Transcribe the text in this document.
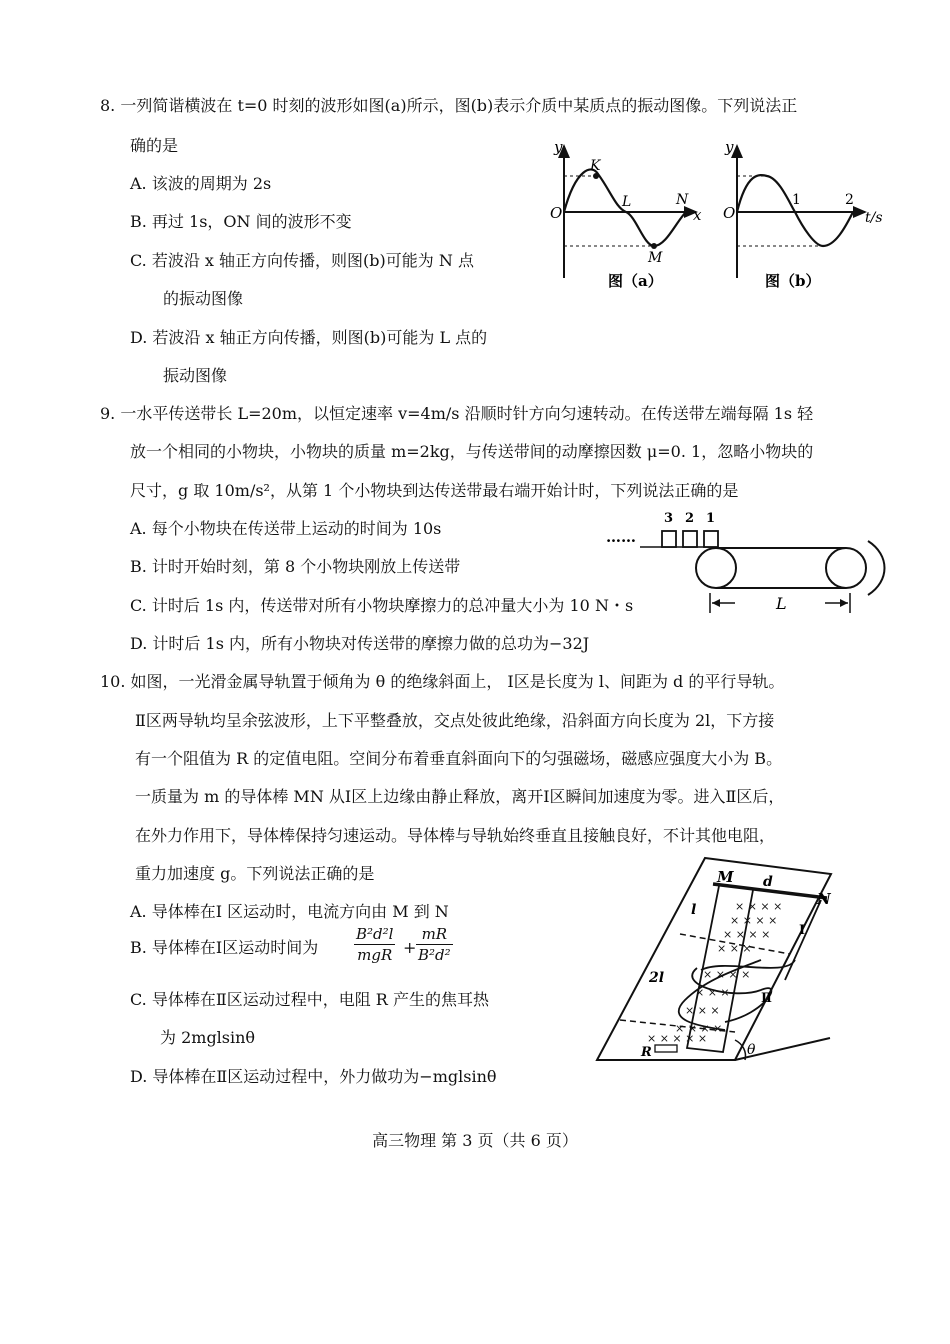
8. 一列简谐横波在 t=0 时刻的波形如图(a)所示，图(b)表示介质中某质点的振动图像。下列说法正
确的是
A. 该波的周期为 2s
B. 再过 1s，ON 间的波形不变
C. 若波沿 x 轴正方向传播，则图(b)可能为 N 点
的振动图像
D. 若波沿 x 轴正方向传播，则图(b)可能为 L 点的
振动图像
y
O	x
K
L	N
M
图（a）
y
O
1	2
t/s
图（b）
9. 一水平传送带长 L=20m，以恒定速率 v=4m/s 沿顺时针方向匀速转动。在传送带左端每隔 1s 轻
放一个相同的小物块，小物块的质量 m=2kg，与传送带间的动摩擦因数 μ=0. 1，忽略小物块的
尺寸，g 取 10m/s²，从第 1 个小物块到达传送带最右端开始计时，下列说法正确的是
A. 每个小物块在传送带上运动的时间为 10s
B. 计时开始时刻，第 8 个小物块刚放上传送带
C. 计时后 1s 内，传送带对所有小物块摩擦力的总冲量大小为 10 N・s
D. 计时后 1s 内，所有小物块对传送带的摩擦力做的总功为−32J
……
3 2 1
L
10. 如图，一光滑金属导轨置于倾角为 θ 的绝缘斜面上， Ⅰ区是长度为 l、间距为 d 的平行导轨。
Ⅱ区两导轨均呈余弦波形，上下平整叠放，交点处彼此绝缘，沿斜面方向长度为 2l，下方接
有一个阻值为 R 的定值电阻。空间分布着垂直斜面向下的匀强磁场，磁感应强度大小为 B。
一质量为 m 的导体棒 MN 从Ⅰ区上边缘由静止释放，离开Ⅰ区瞬间加速度为零。进入Ⅱ区后，
在外力作用下，导体棒保持匀速运动。导体棒与导轨始终垂直且接触良好，不计其他电阻，
重力加速度 g。下列说法正确的是
A. 导体棒在Ⅰ 区运动时，电流方向由 M 到 N
B. 导体棒在Ⅰ区运动时间为
B²d²l
mgR + $\frac{mR}{\text{B²d²}}$
C. 导体棒在Ⅱ区运动过程中，电阻 R 产生的焦耳热
为 2mglsinθ
D. 导体棒在Ⅱ区运动过程中，外力做功为−mglsinθ
× × × ×
× × × ×
× × × ×
× × ×
× × × ×
× × ×
× × ×
× × × ×
× × × × ×
M d
N
l
Ⅰ
2l
Ⅱ
R	θ
高三物理 第 3 页（共 6 页）
